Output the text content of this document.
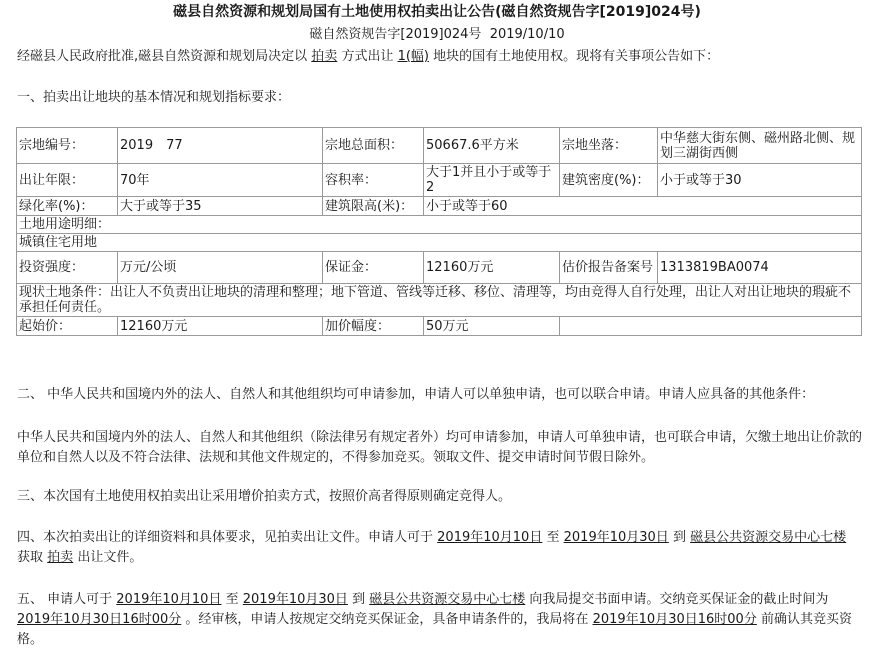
磁县自然资源和规划局国有土地使用权拍卖出让公告(磁自然资规告字[2019]024号)
磁自然资规告字[2019]024号 2019/10/10
经磁县人民政府批准,磁县自然资源和规划局决定以 拍卖 方式出让 1(幅) 地块的国有土地使用权。现将有关事项公告如下：
一、拍卖出让地块的基本情况和规划指标要求：
宗地编号：	2019　77	宗地总面积：	50667.6平方米	宗地坐落：	中华慈大街东侧、磁州路北侧、规划三湖街西侧
出让年限：	70年	容积率：	大于1并且小于或等于2	建筑密度(%)：	小于或等于30
绿化率(%)：	大于或等于35	建筑限高(米)：	小于或等于60		
土地用途明细：					
城镇住宅用地					
投资强度：	万元/公顷	保证金：	12160万元	估价报告备案号	1313819BA0074
现状土地条件：出让人不负责出让地块的清理和整理；地下管道、管线等迁移、移位、清理等，均由竞得人自行处理，出让人对出让地块的瑕疵不承担任何责任。					
起始价：	12160万元	加价幅度：	50万元		
二、 中华人民共和国境内外的法人、自然人和其他组织均可申请参加，申请人可以单独申请，也可以联合申请。申请人应具备的其他条件：
中华人民共和国境内外的法人、自然人和其他组织（除法律另有规定者外）均可申请参加，申请人可单独申请，也可联合申请，欠缴土地出让价款的单位和自然人以及不符合法律、法规和其他文件规定的，不得参加竞买。领取文件、提交申请时间节假日除外。
三、本次国有土地使用权拍卖出让采用增价拍卖方式，按照价高者得原则确定竞得人。
四、本次拍卖出让的详细资料和具体要求，见拍卖出让文件。申请人可于 2019年10月10日 至 2019年10月30日 到 磁县公共资源交易中心七楼 获取 拍卖 出让文件。
五、 申请人可于 2019年10月10日 至 2019年10月30日 到 磁县公共资源交易中心七楼 向我局提交书面申请。交纳竞买保证金的截止时间为 2019年10月30日16时00分 。经审核，申请人按规定交纳竞买保证金，具备申请条件的，我局将在 2019年10月30日16时00分 前确认其竞买资格。
